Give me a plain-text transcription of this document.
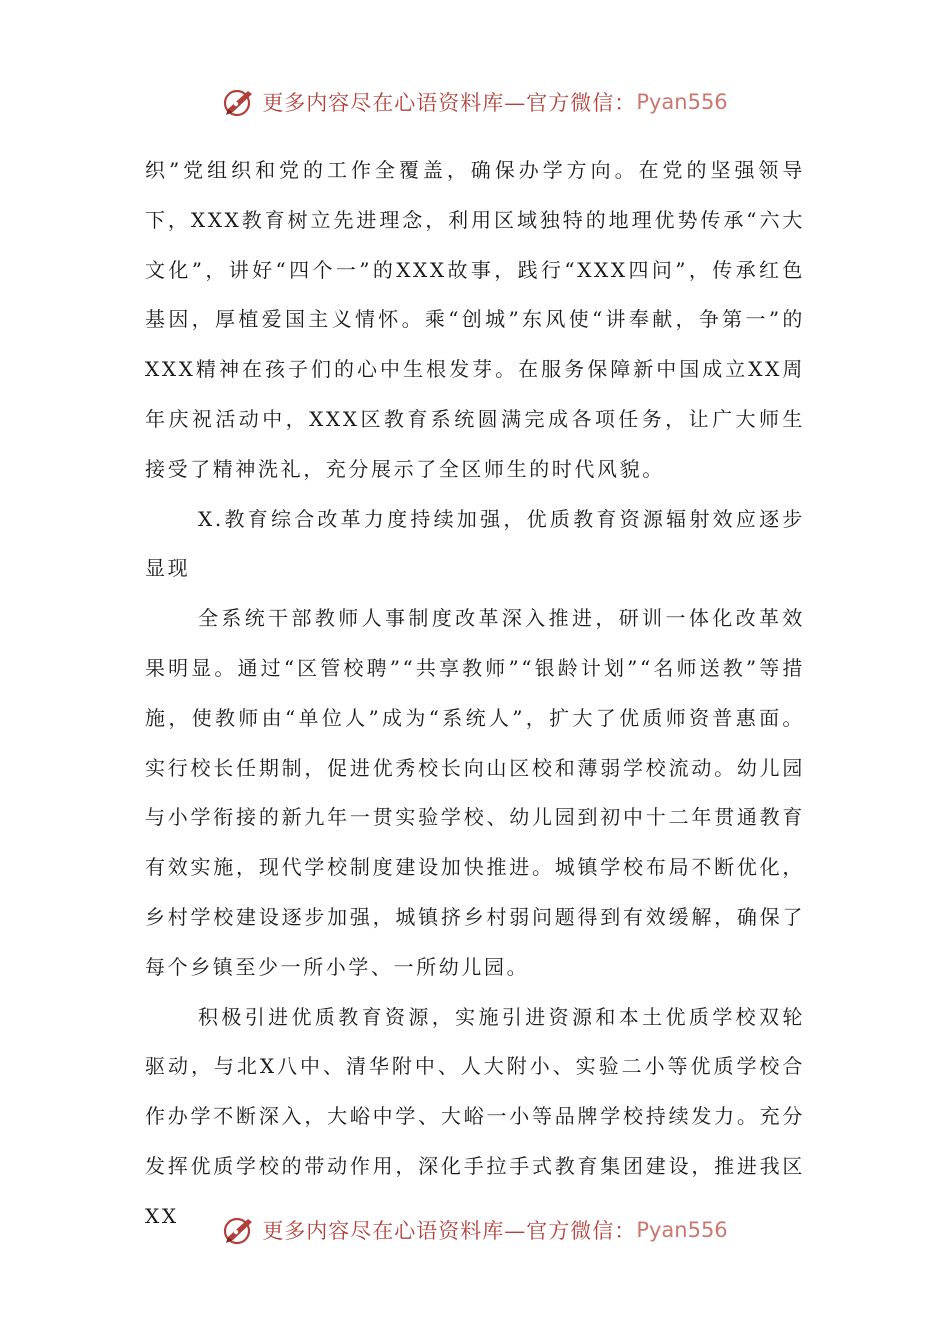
更多内容尽在心语资料库—官方微信： Pyan556

织”党组织和党的工作全覆盖，确保办学方向。在党的坚强领导下，XXX教育树立先进理念，利用区域独特的地理优势传承“六大文化”，讲好“四个一”的XXX故事，践行“XXX四问”，传承红色基因，厚植爱国主义情怀。乘“创城”东风使“讲奉献，争第一”的XXX精神在孩子们的心中生根发芽。在服务保障新中国成立XX周年庆祝活动中，XXX区教育系统圆满完成各项任务，让广大师生接受了精神洗礼，充分展示了全区师生的时代风貌。

X.教育综合改革力度持续加强，优质教育资源辐射效应逐步显现

全系统干部教师人事制度改革深入推进，研训一体化改革效果明显。通过“区管校聘”“共享教师”“银龄计划”“名师送教”等措施，使教师由“单位人”成为“系统人”，扩大了优质师资普惠面。实行校长任期制，促进优秀校长向山区校和薄弱学校流动。幼儿园与小学衔接的新九年一贯实验学校、幼儿园到初中十二年贯通教育有效实施，现代学校制度建设加快推进。城镇学校布局不断优化，乡村学校建设逐步加强，城镇挤乡村弱问题得到有效缓解，确保了每个乡镇至少一所小学、一所幼儿园。

积极引进优质教育资源，实施引进资源和本土优质学校双轮驱动，与北X八中、清华附中、人大附小、实验二小等优质学校合作办学不断深入，大峪中学、大峪一小等品牌学校持续发力。充分发挥优质学校的带动作用，深化手拉手式教育集团建设，推进我区XX

更多内容尽在心语资料库—官方微信： Pyan556
